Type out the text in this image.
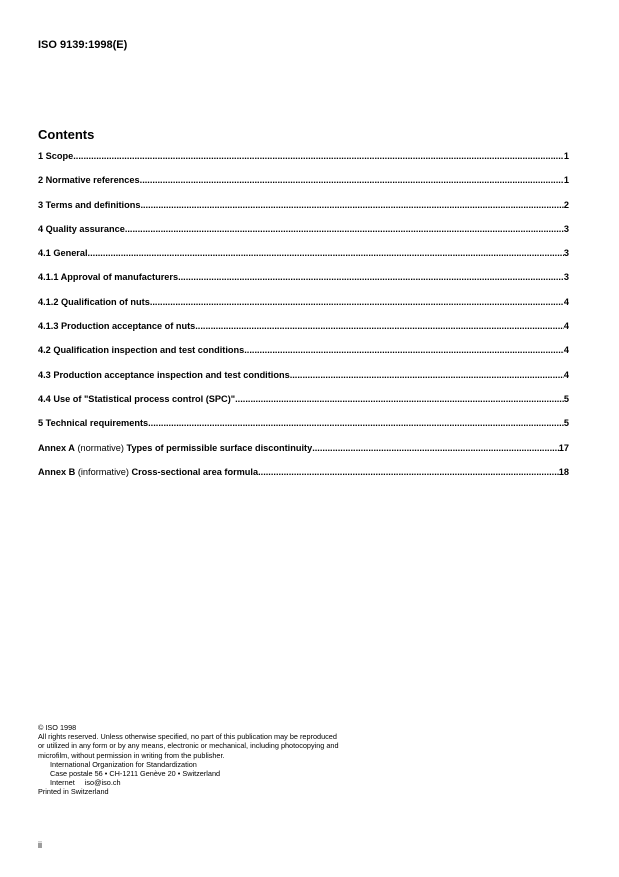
ISO 9139:1998(E)
Contents
1 Scope .....	1
2 Normative references .....	1
3 Terms and definitions .....	2
4 Quality assurance .....	3
4.1 General .....	3
4.1.1 Approval of manufacturers .....	3
4.1.2 Qualification of nuts .....	4
4.1.3 Production acceptance of nuts .....	4
4.2 Qualification inspection and test conditions .....	4
4.3 Production acceptance inspection and test conditions .....	4
4.4 Use of "Statistical process control (SPC)" .....	5
5 Technical requirements .....	5
Annex A (normative) Types of permissible surface discontinuity .....	17
Annex B (informative) Cross-sectional area formula .....	18
© ISO 1998
All rights reserved. Unless otherwise specified, no part of this publication may be reproduced
or utilized in any form or by any means, electronic or mechanical, including photocopying and
microfilm, without permission in writing from the publisher.
International Organization for Standardization
Case postale 56 • CH-1211 Genève 20 • Switzerland
Internet iso@iso.ch
Printed in Switzerland
ii
